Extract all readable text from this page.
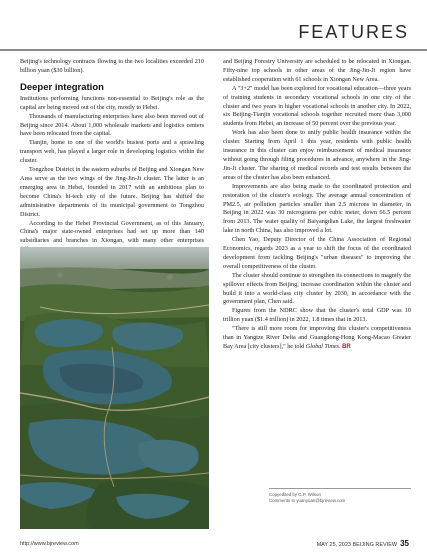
FEATURES

Beijing's technology contracts flowing to the two localities exceeded 210 billion yuan ($30 billion).

Deeper integration

Institutions performing functions non-essential to Beijing's role as the capital are being moved out of the city, mostly to Hebei.

Thousands of manufacturing enterprises have also been moved out of Beijing since 2014. About 1,000 wholesale markets and logistics centers have been relocated from the capital.

Tianjin, home to one of the world's busiest ports and a sprawling transport web, has played a larger role in developing logistics within the cluster.

Tongzhou District in the eastern suburbs of Beijing and Xiongan New Area serve as the two wings of the Jing-Jin-Ji cluster. The latter is an emerging area in Hebei, founded in 2017 with an ambitious plan to become China's hi-tech city of the future. Beijing has shifted the administrative departments of its municipal government to Tongzhou District.

According to the Hebei Provincial Government, as of this January, China's major state-owned enterprises had set up more than 140 subsidiaries and branches in Xiongan, with many other enterprises

and Beijing Forestry University are scheduled to be relocated in Xiongan. Fifty-nine top schools in other areas of the Jing-Jin-Ji region have established cooperation with 61 schools in Xiongan New Area.

A "3+2" model has been explored for vocational education—three years of training students in secondary vocational schools in one city of the cluster and two years in higher vocational schools in another city. In 2022, six Beijing-Tianjin vocational schools together recruited more than 3,000 students from Hebei, an increase of 50 percent over the previous year.

Work has also been done to unify public health insurance within the cluster. Starting from April 1 this year, residents with public health insurance in this cluster can enjoy reimbursement of medical insurance without going through filing procedures in advance, anywhere in the Jing-Jin-Ji cluster. The sharing of medical records and test results between the areas of the cluster has also been enhanced.

Improvements are also being made to the coordinated protection and restoration of the cluster's ecology. The average annual concentration of PM2.5, air pollution particles smaller than 2.5 microns in diameter, in Beijing in 2022 was 30 micrograms per cubic meter, down 66.5 percent from 2013. The water quality of Baiyangdian Lake, the largest freshwater lake in north China, has also improved a lot.

Chen Yao, Deputy Director of the China Association of Regional Economics, regards 2023 as a year to shift the focus of the coordinated development from tackling Beijing's "urban diseases" to improving the overall competitiveness of the cluster.

The cluster should continue to strengthen its connections to magnify the spillover effects from Beijing, increase coordination within the cluster and build it into a world-class city cluster by 2030, in accordance with the government plan, Chen said.

Figures from the NDRC show that the cluster's total GDP was 10 trillion yuan ($1.4 trillion) in 2022, 1.8 times that in 2013.

"There is still more room for improving this cluster's competitiveness than in Yangtze River Delta and Guangdong-Hong Kong-Macao Greater Bay Area [city clusters]," he told Global Times. BR

Copyedited by G.P. Wilson
Comments to yuanyuan@bjreview.com
http://www.bjreview.com	MAY 25, 2023 BEIJING REVIEW 35
